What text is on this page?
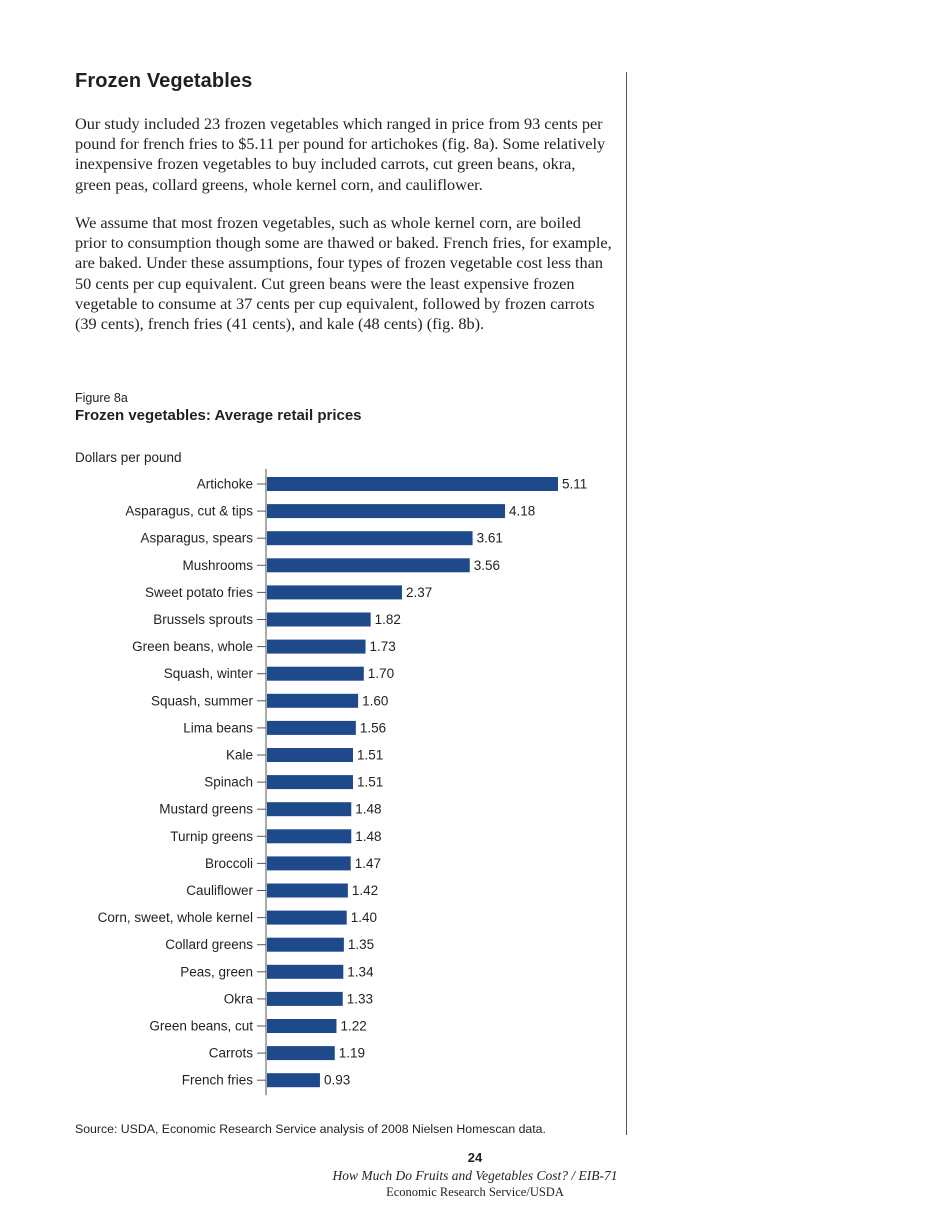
Frozen Vegetables

Our study included 23 frozen vegetables which ranged in price from 93 cents per pound for french fries to $5.11 per pound for artichokes (fig. 8a). Some relatively inexpensive frozen vegetables to buy included carrots, cut green beans, okra, green peas, collard greens, whole kernel corn, and cauliflower.

We assume that most frozen vegetables, such as whole kernel corn, are boiled prior to consumption though some are thawed or baked. French fries, for example, are baked. Under these assumptions, four types of frozen vegetable cost less than 50 cents per cup equivalent. Cut green beans were the least expensive frozen vegetable to consume at 37 cents per cup equivalent, followed by frozen carrots (39 cents), french fries (41 cents), and kale (48 cents) (fig. 8b).

Figure 8a
Frozen vegetables: Average retail prices
Dollars per pound
Artichoke	5.11
Asparagus, cut & tips	4.18
Asparagus, spears	3.61
Mushrooms	3.56
Sweet potato fries	2.37
Brussels sprouts	1.82
Green beans, whole	1.73
Squash, winter	1.70
Squash, summer	1.60
Lima beans	1.56
Kale	1.51
Spinach	1.51
Mustard greens	1.48
Turnip greens	1.48
Broccoli	1.47
Cauliflower	1.42
Corn, sweet, whole kernel	1.40
Collard greens	1.35
Peas, green	1.34
Okra	1.33
Green beans, cut	1.22
Carrots	1.19
French fries	0.93
Source: USDA, Economic Research Service analysis of 2008 Nielsen Homescan data.
24
How Much Do Fruits and Vegetables Cost? / EIB-71
Economic Research Service/USDA
